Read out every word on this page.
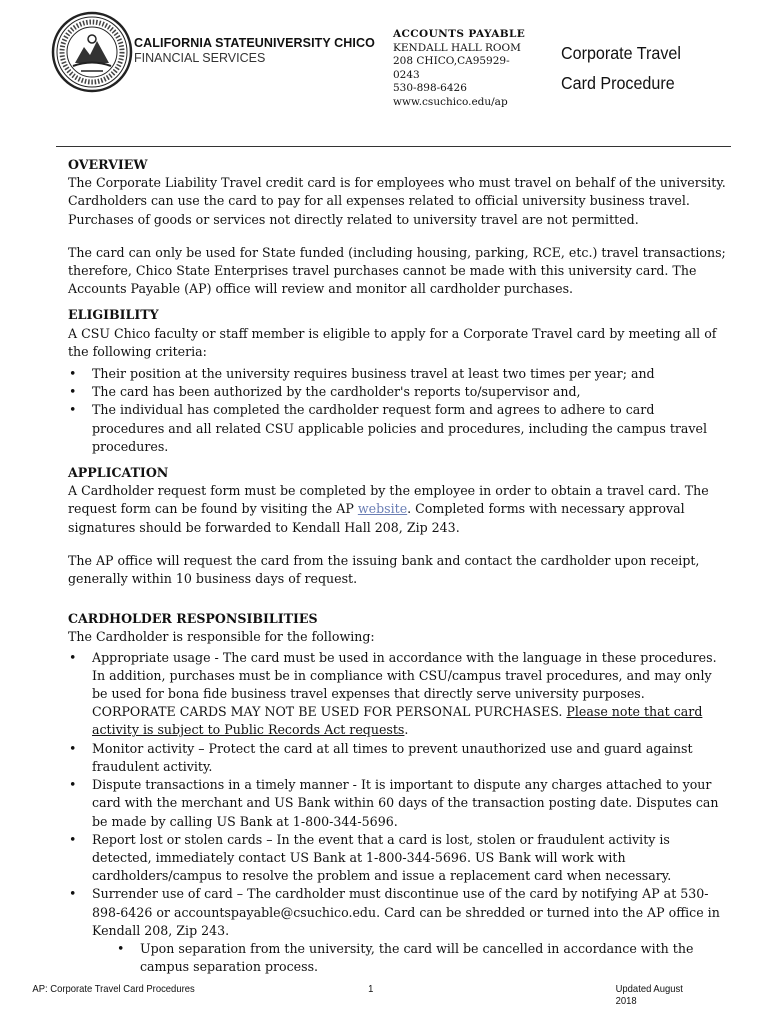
CALIFORNIA STATEUNIVERSITY CHICO
FINANCIAL SERVICES
ACCOUNTS PAYABLE
KENDALL HALL ROOM
208 CHICO,CA95929-
0243
530-898-6426
www.csuchico.edu/ap
Corporate Travel
Card Procedure

OVERVIEW

The Corporate Liability Travel credit card is for employees who must travel on behalf of the university. Cardholders can use the card to pay for all expenses related to official university business travel. Purchases of goods or services not directly related to university travel are not permitted.

The card can only be used for State funded (including housing, parking, RCE, etc.) travel transactions; therefore, Chico State Enterprises travel purchases cannot be made with this university card. The Accounts Payable (AP) office will review and monitor all cardholder purchases.

ELIGIBILITY

A CSU Chico faculty or staff member is eligible to apply for a Corporate Travel card by meeting all of the following criteria:

• Their position at the university requires business travel at least two times per year; and
• The card has been authorized by the cardholder's reports to/supervisor and,
• The individual has completed the cardholder request form and agrees to adhere to card procedures and all related CSU applicable policies and procedures, including the campus travel procedures.

APPLICATION

A Cardholder request form must be completed by the employee in order to obtain a travel card. The request form can be found by visiting the AP website. Completed forms with necessary approval signatures should be forwarded to Kendall Hall 208, Zip 243.

The AP office will request the card from the issuing bank and contact the cardholder upon receipt, generally within 10 business days of request.

CARDHOLDER RESPONSIBILITIES

The Cardholder is responsible for the following:

• Appropriate usage - The card must be used in accordance with the language in these procedures. In addition, purchases must be in compliance with CSU/campus travel procedures, and may only be used for bona fide business travel expenses that directly serve university purposes. CORPORATE CARDS MAY NOT BE USED FOR PERSONAL PURCHASES. Please note that card activity is subject to Public Records Act requests.
• Monitor activity – Protect the card at all times to prevent unauthorized use and guard against fraudulent activity.
• Dispute transactions in a timely manner - It is important to dispute any charges attached to your card with the merchant and US Bank within 60 days of the transaction posting date. Disputes can be made by calling US Bank at 1-800-344-5696.
• Report lost or stolen cards – In the event that a card is lost, stolen or fraudulent activity is detected, immediately contact US Bank at 1-800-344-5696. US Bank will work with cardholders/campus to resolve the problem and issue a replacement card when necessary.
• Surrender use of card – The cardholder must discontinue use of the card by notifying AP at 530-898-6426 or accountspayable@csuchico.edu. Card can be shredded or turned into the AP office in Kendall 208, Zip 243.
• Upon separation from the university, the card will be cancelled in accordance with the campus separation process.
AP: Corporate Travel Card Procedures	1	Updated August 2018
